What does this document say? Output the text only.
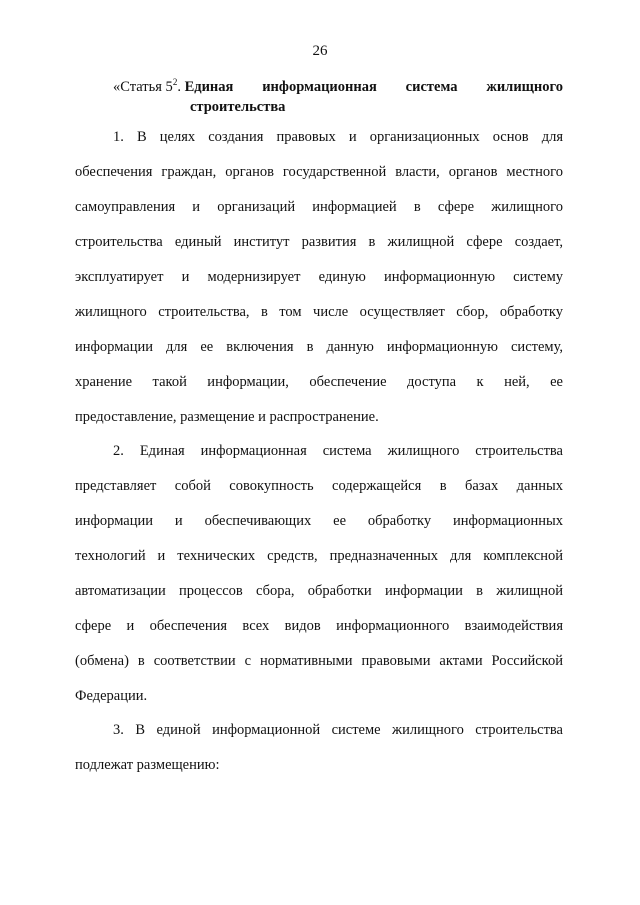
26
«Статья $5^2$. Единая информационная система жилищного
строительства
1. В целях создания правовых и организационных основ для
обеспечения граждан, органов государственной власти, органов местного
самоуправления и организаций информацией в сфере жилищного
строительства единый институт развития в жилищной сфере создает,
эксплуатирует и модернизирует единую информационную систему
жилищного строительства, в том числе осуществляет сбор, обработку
информации для ее включения в данную информационную систему,
хранение такой информации, обеспечение доступа к ней, ее
предоставление, размещение и распространение.
2. Единая информационная система жилищного строительства
представляет собой совокупность содержащейся в базах данных
информации и обеспечивающих ее обработку информационных
технологий и технических средств, предназначенных для комплексной
автоматизации процессов сбора, обработки информации в жилищной
сфере и обеспечения всех видов информационного взаимодействия
(обмена) в соответствии с нормативными правовыми актами Российской
Федерации.
3. В единой информационной системе жилищного строительства
подлежат размещению:
